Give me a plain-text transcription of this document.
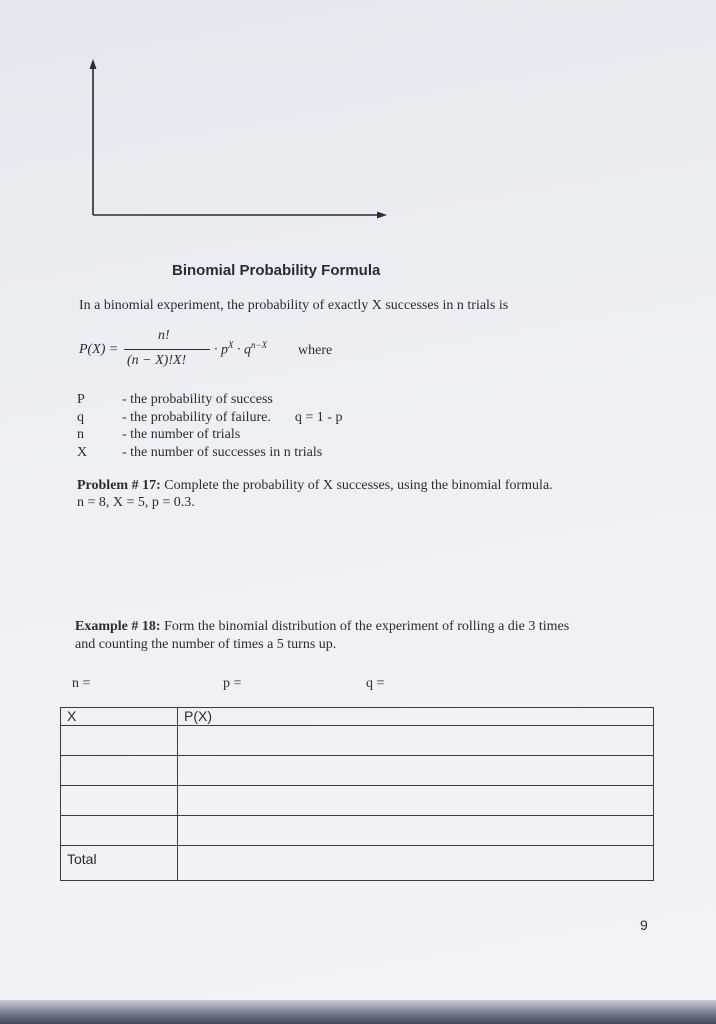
Binomial Probability Formula
In a binomial experiment, the probability of exactly X successes in n trials is
P(X) =
n!
(n − X)!X!
· $p^X \cdot q^{n-X}$ where
P	- the probability of success
q	- the probability of failure. q = 1 - p
n	- the number of trials
X	- the number of successes in n trials
Problem # 17: Complete the probability of X successes, using the binomial formula.
n = 8, X = 5, p = 0.3.
Example # 18: Form the binomial distribution of the experiment of rolling a die 3 times
and counting the number of times a 5 turns up.
n =	p =	q =
X	P(X)

Total	
9
